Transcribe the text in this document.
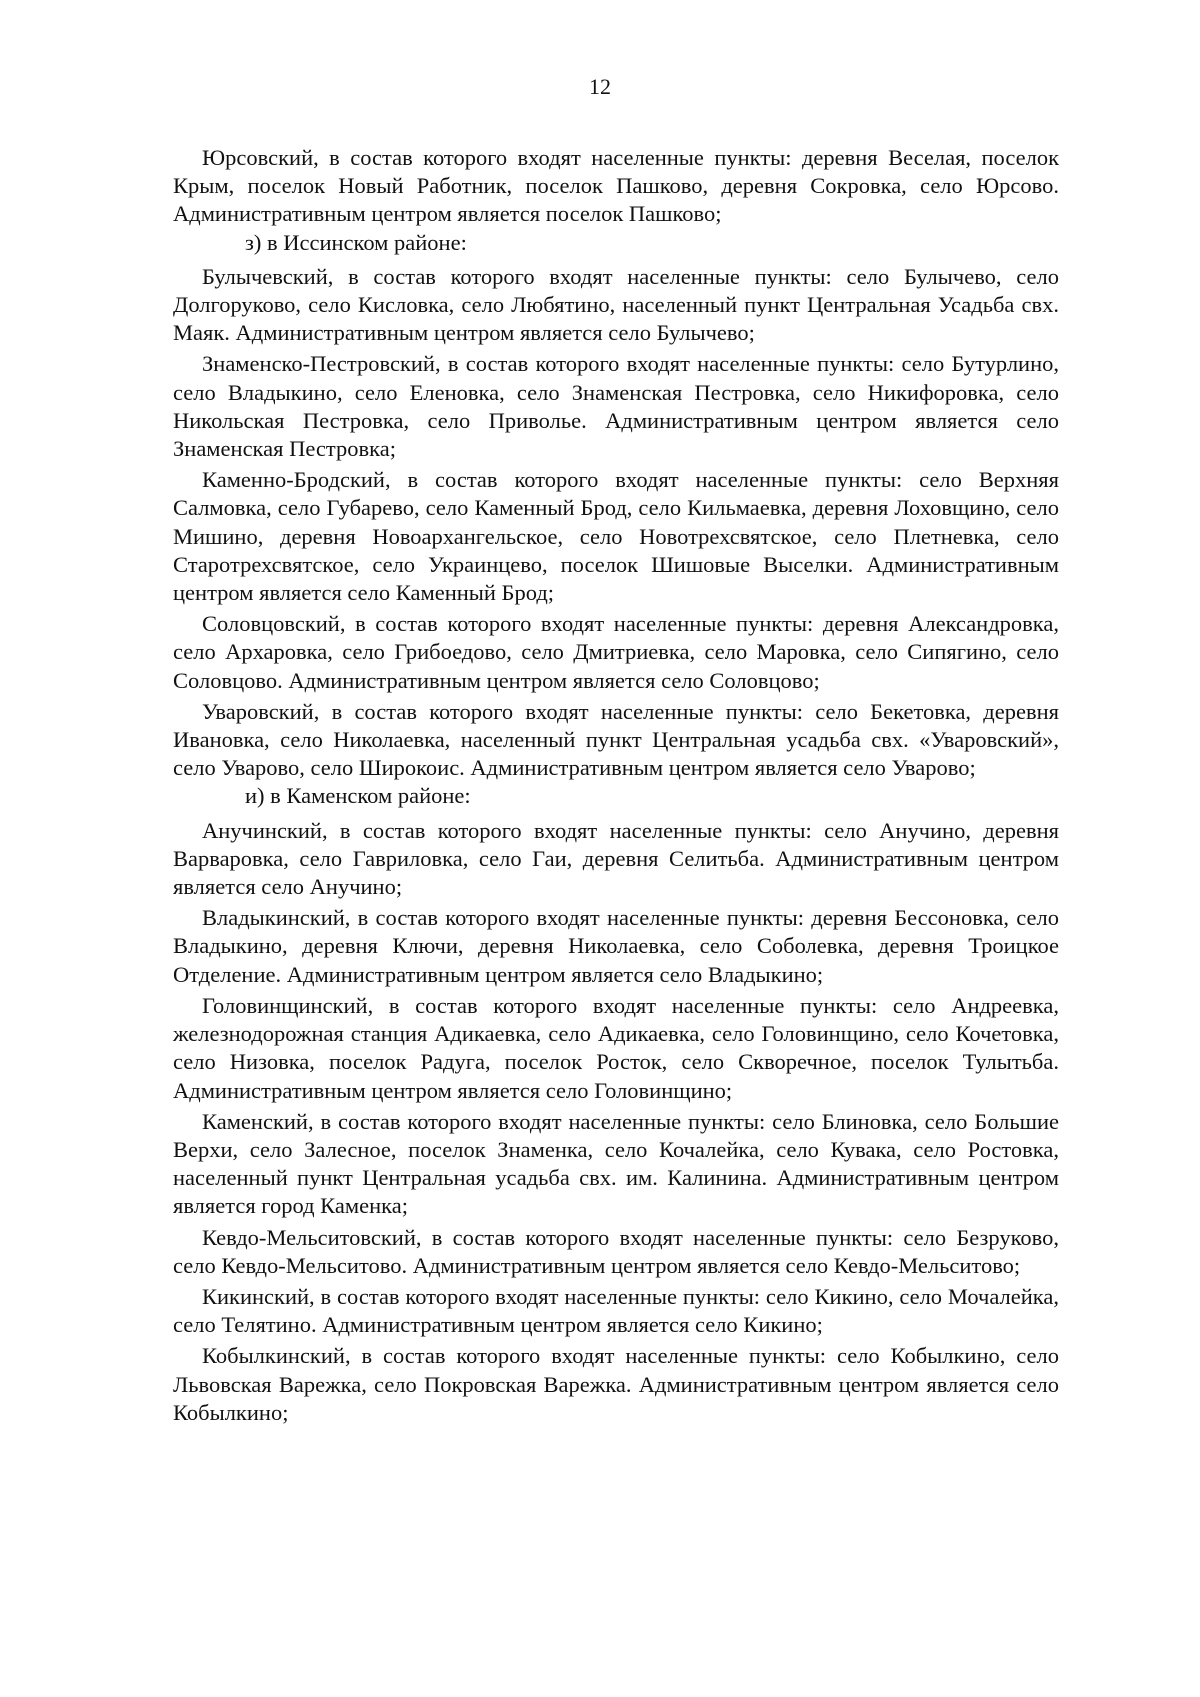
12

Юрсовский, в состав которого входят населенные пункты: деревня Веселая, поселок Крым, поселок Новый Работник, поселок Пашково, деревня Сокровка, село Юрсово. Административным центром является поселок Пашково;

з) в Иссинском районе:

Булычевский, в состав которого входят населенные пункты: село Булычево, село Долгоруково, село Кисловка, село Любятино, населенный пункт Центральная Усадьба свх. Маяк. Административным центром является село Булычево;

Знаменско-Пестровский, в состав которого входят населенные пункты: село Бутурлино, село Владыкино, село Еленовка, село Знаменская Пестровка, село Никифоровка, село Никольская Пестровка, село Приволье. Административным центром является село Знаменская Пестровка;

Каменно-Бродский, в состав которого входят населенные пункты: село Верхняя Салмовка, село Губарево, село Каменный Брод, село Кильмаевка, деревня Лоховщино, село Мишино, деревня Новоархангельское, село Новотрехсвятское, село Плетневка, село Старотрехсвятское, село Украинцево, поселок Шишовые Выселки. Административным центром является село Каменный Брод;

Соловцовский, в состав которого входят населенные пункты: деревня Александровка, село Архаровка, село Грибоедово, село Дмитриевка, село Маровка, село Сипягино, село Соловцово. Административным центром является село Соловцово;

Уваровский, в состав которого входят населенные пункты: село Бекетовка, деревня Ивановка, село Николаевка, населенный пункт Центральная усадьба свх. «Уваровский», село Уварово, село Широкоис. Административным центром является село Уварово;

и) в Каменском районе:

Анучинский, в состав которого входят населенные пункты: село Анучино, деревня Варваровка, село Гавриловка, село Гаи, деревня Селитьба. Административным центром является село Анучино;

Владыкинский, в состав которого входят населенные пункты: деревня Бессоновка, село Владыкино, деревня Ключи, деревня Николаевка, село Соболевка, деревня Троицкое Отделение. Административным центром является село Владыкино;

Головинщинский, в состав которого входят населенные пункты: село Андреевка, железнодорожная станция Адикаевка, село Адикаевка, село Головинщино, село Кочетовка, село Низовка, поселок Радуга, поселок Росток, село Скворечное, поселок Тулытьба. Административным центром является село Головинщино;

Каменский, в состав которого входят населенные пункты: село Блиновка, село Большие Верхи, село Залесное, поселок Знаменка, село Кочалейка, село Кувака, село Ростовка, населенный пункт Центральная усадьба свх. им. Калинина. Административным центром является город Каменка;

Кевдо-Мельситовский, в состав которого входят населенные пункты: село Безруково, село Кевдо-Мельситово. Административным центром является село Кевдо-Мельситово;

Кикинский, в состав которого входят населенные пункты: село Кикино, село Мочалейка, село Телятино. Административным центром является село Кикино;

Кобылкинский, в состав которого входят населенные пункты: село Кобылкино, село Львовская Варежка, село Покровская Варежка. Административным центром является село Кобылкино;
